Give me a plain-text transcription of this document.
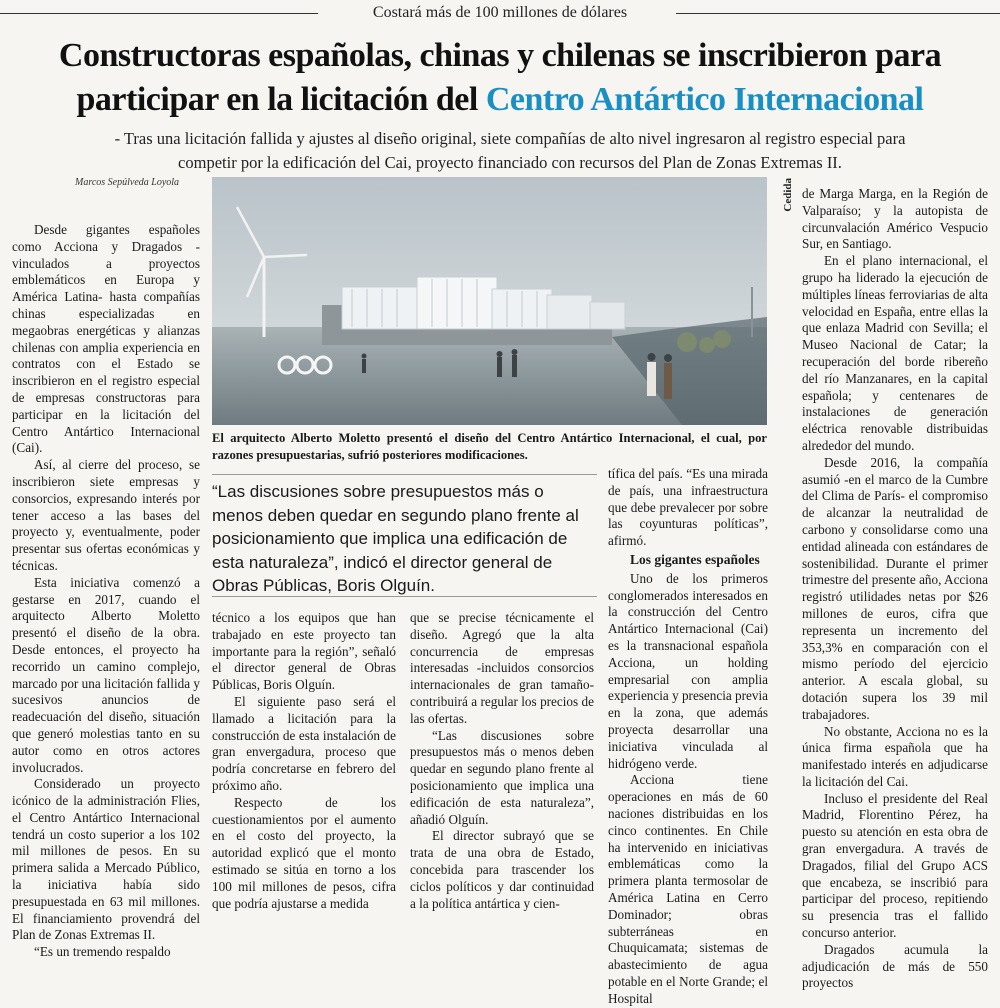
Costará más de 100 millones de dólares
Constructoras españolas, chinas y chilenas se inscribieron para
participar en la licitación del Centro Antártico Internacional
- Tras una licitación fallida y ajustes al diseño original, siete compañías de alto nivel ingresaron al registro especial para competir por la edificación del Cai, proyecto financiado con recursos del Plan de Zonas Extremas II.
Marcos Sepúlveda Loyola

Desde gigantes españoles como Acciona y Dragados -vinculados a proyectos emblemáticos en Europa y América Latina- hasta compañías chinas especializadas en megaobras energéticas y alianzas chilenas con amplia experiencia en contratos con el Estado se inscribieron en el registro especial de empresas constructoras para participar en la licitación del Centro Antártico Internacional (Cai).

Así, al cierre del proceso, se inscribieron siete empresas y consorcios, expresando interés por tener acceso a las bases del proyecto y, eventualmente, poder presentar sus ofertas económicas y técnicas.

Esta iniciativa comenzó a gestarse en 2017, cuando el arquitecto Alberto Moletto presentó el diseño de la obra. Desde entonces, el proyecto ha recorrido un camino complejo, marcado por una licitación fallida y sucesivos anuncios de readecuación del diseño, situación que generó molestias tanto en su autor como en otros actores involucrados.

Considerado un proyecto icónico de la administración Flies, el Centro Antártico Internacional tendrá un costo superior a los 102 mil millones de pesos. En su primera salida a Mercado Público, la iniciativa había sido presupuestada en 63 mil millones. El financiamiento provendrá del Plan de Zonas Extremas II.

“Es un tremendo respaldo

Cedida
El arquitecto Alberto Moletto presentó el diseño del Centro Antártico Internacional, el cual, por razones presupuestarias, sufrió posteriores modificaciones.
“Las discusiones sobre presupuestos más o menos deben quedar en segundo plano frente al posicionamiento que implica una edificación de esta naturaleza”, indicó el director general de Obras Públicas, Boris Olguín.

técnico a los equipos que han trabajado en este proyecto tan importante para la región”, señaló el director general de Obras Públicas, Boris Olguín.

El siguiente paso será el llamado a licitación para la construcción de esta instalación de gran envergadura, proceso que podría concretarse en febrero del próximo año.

Respecto de los cuestionamientos por el aumento en el costo del proyecto, la autoridad explicó que el monto estimado se sitúa en torno a los 100 mil millones de pesos, cifra que podría ajustarse a medida

que se precise técnicamente el diseño. Agregó que la alta concurrencia de empresas interesadas -incluidos consorcios internacionales de gran tamaño- contribuirá a regular los precios de las ofertas.

“Las discusiones sobre presupuestos más o menos deben quedar en segundo plano frente al posicionamiento que implica una edificación de esta naturaleza”, añadió Olguín.

El director subrayó que se trata de una obra de Estado, concebida para trascender los ciclos políticos y dar continuidad a la política antártica y cien-

tífica del país. “Es una mirada de país, una infraestructura que debe prevalecer por sobre las coyunturas políticas”, afirmó.

Los gigantes españoles

Uno de los primeros conglomerados interesados en la construcción del Centro Antártico Internacional (Cai) es la transnacional española Acciona, un holding empresarial con amplia experiencia y presencia previa en la zona, que además proyecta desarrollar una iniciativa vinculada al hidrógeno verde.

Acciona tiene operaciones en más de 60 naciones distribuidas en los cinco continentes. En Chile ha intervenido en iniciativas emblemáticas como la primera planta termosolar de América Latina en Cerro Dominador; obras subterráneas en Chuquicamata; sistemas de abastecimiento de agua potable en el Norte Grande; el Hospital

de Marga Marga, en la Región de Valparaíso; y la autopista de circunvalación Américo Vespucio Sur, en Santiago.

En el plano internacional, el grupo ha liderado la ejecución de múltiples líneas ferroviarias de alta velocidad en España, entre ellas la que enlaza Madrid con Sevilla; el Museo Nacional de Catar; la recuperación del borde ribereño del río Manzanares, en la capital española; y centenares de instalaciones de generación eléctrica renovable distribuidas alrededor del mundo.

Desde 2016, la compañía asumió -en el marco de la Cumbre del Clima de París- el compromiso de alcanzar la neutralidad de carbono y consolidarse como una entidad alineada con estándares de sostenibilidad. Durante el primer trimestre del presente año, Acciona registró utilidades netas por $26 millones de euros, cifra que representa un incremento del 353,3% en comparación con el mismo período del ejercicio anterior. A escala global, su dotación supera los 39 mil trabajadores.

No obstante, Acciona no es la única firma española que ha manifestado interés en adjudicarse la licitación del Cai.

Incluso el presidente del Real Madrid, Florentino Pérez, ha puesto su atención en esta obra de gran envergadura. A través de Dragados, filial del Grupo ACS que encabeza, se inscribió para participar del proceso, repitiendo su presencia tras el fallido concurso anterior.

Dragados acumula la adjudicación de más de 550 proyectos
